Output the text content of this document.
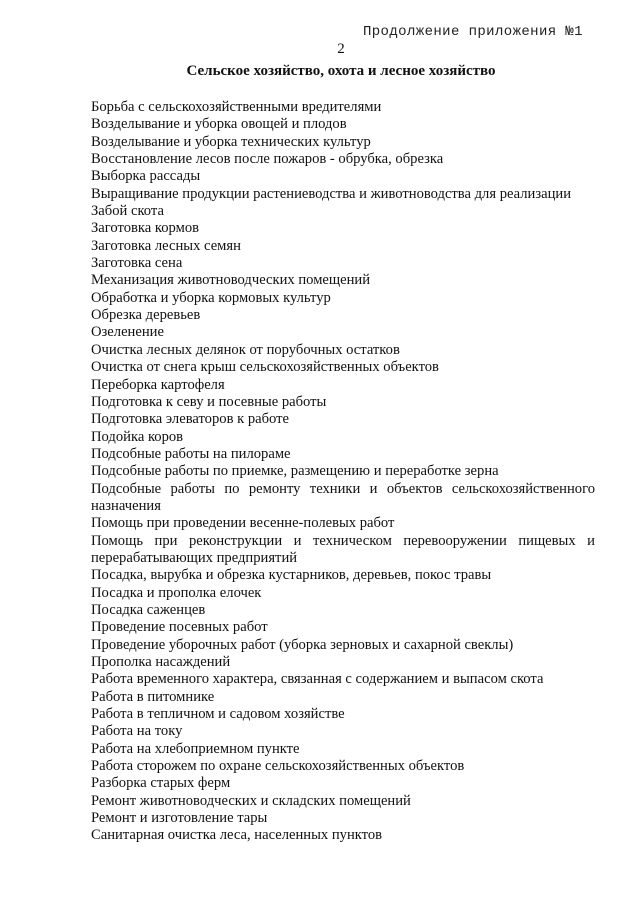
Продолжение приложения №1
2
Сельское хозяйство, охота и лесное хозяйство
Борьба с сельскохозяйственными вредителями
Возделывание и уборка овощей и плодов
Возделывание и уборка технических культур
Восстановление лесов после пожаров - обрубка, обрезка
Выборка рассады
Выращивание продукции растениеводства и животноводства для реализации
Забой скота
Заготовка кормов
Заготовка лесных семян
Заготовка сена
Механизация животноводческих помещений
Обработка и уборка кормовых культур
Обрезка деревьев
Озеленение
Очистка лесных делянок от порубочных остатков
Очистка от снега крыш сельскохозяйственных объектов
Переборка картофеля
Подготовка к севу и посевные работы
Подготовка элеваторов к работе
Подойка коров
Подсобные работы на пилораме
Подсобные работы по приемке, размещению и переработке зерна
Подсобные работы по ремонту техники и объектов сельскохозяйственного назначения
Помощь при проведении весенне-полевых работ
Помощь при реконструкции и техническом перевооружении пищевых и перерабатывающих предприятий
Посадка, вырубка и обрезка кустарников, деревьев, покос травы
Посадка и прополка елочек
Посадка саженцев
Проведение посевных работ
Проведение уборочных работ (уборка зерновых и сахарной свеклы)
Прополка насаждений
Работа временного характера, связанная с содержанием и выпасом скота
Работа в питомнике
Работа в тепличном и садовом хозяйстве
Работа на току
Работа на хлебоприемном пункте
Работа сторожем по охране сельскохозяйственных объектов
Разборка старых ферм
Ремонт животноводческих и складских помещений
Ремонт и изготовление тары
Санитарная очистка леса, населенных пунктов
